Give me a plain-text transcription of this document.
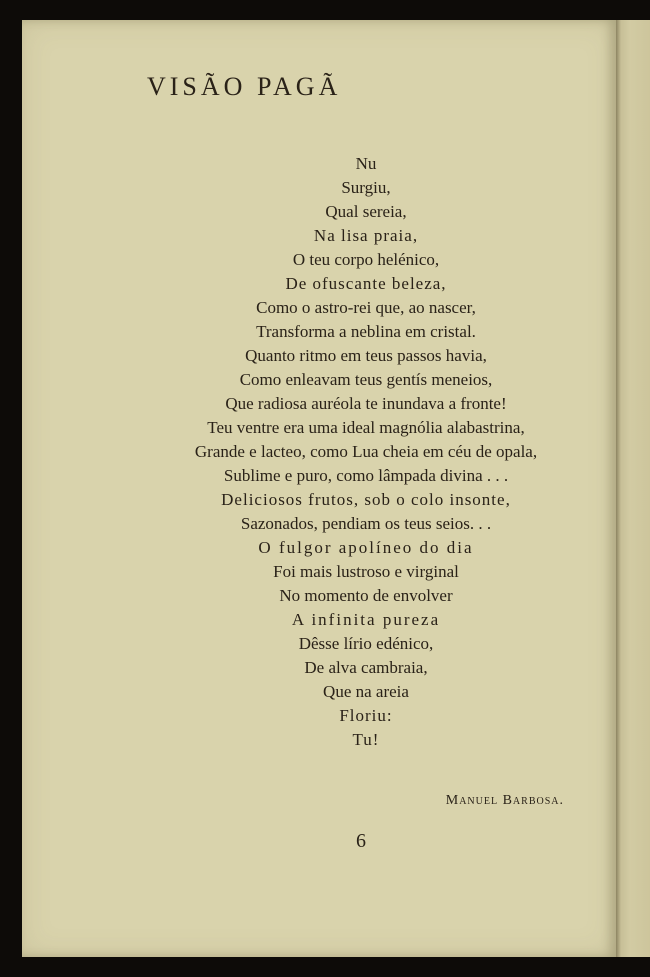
VISÃO PAGÃ
Nu
Surgiu,
Qual sereia,
Na lisa praia,
O teu corpo helénico,
De ofuscante beleza,
Como o astro-rei que, ao nascer,
Transforma a neblina em cristal.
Quanto ritmo em teus passos havia,
Como enleavam teus gentís meneios,
Que radiosa auréola te inundava a fronte!
Teu ventre era uma ideal magnólia alabastrina,
Grande e lacteo, como Lua cheia em céu de opala,
Sublime e puro, como lâmpada divina . . .
Deliciosos frutos, sob o colo insonte,
Sazonados, pendiam os teus seios. . .
O fulgor apolíneo do dia
Foi mais lustroso e virginal
No momento de envolver
A infinita pureza
Dêsse lírio edénico,
De alva cambraia,
Que na areia
Floriu:
Tu!
Manuel Barbosa.
6
